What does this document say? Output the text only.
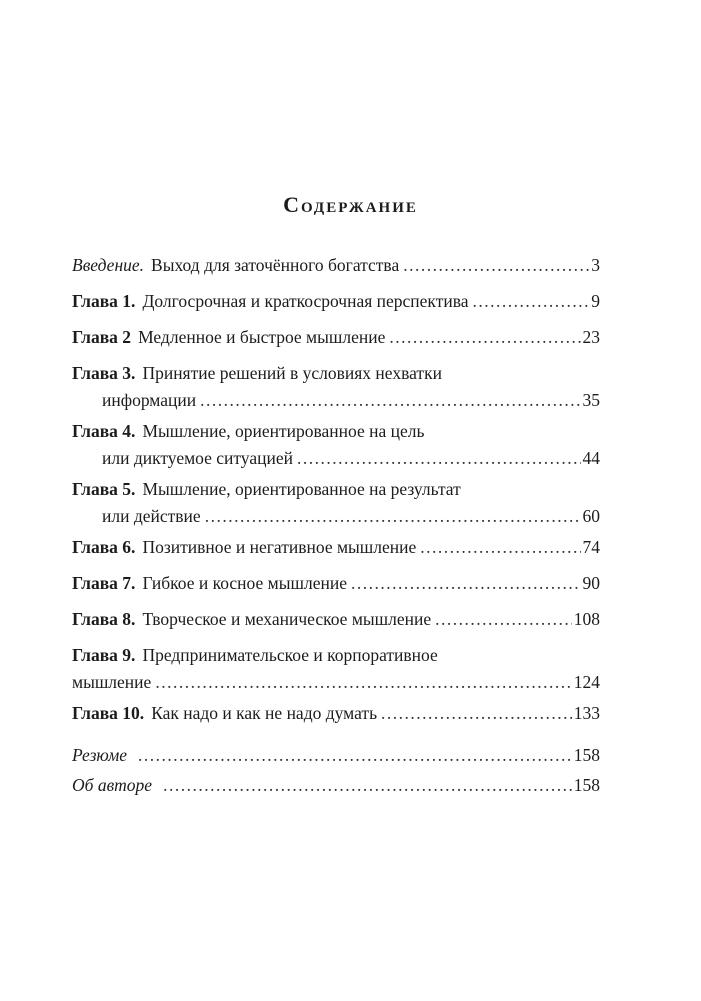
Содержание
Введение. Выход для заточённого богатства .....	3
Глава 1. Долгосрочная и краткосрочная перспектива .....	9
Глава 2 Медленное и быстрое мышление .....	23
Глава 3. Принятие решений в условиях нехватки
информации .....	35
Глава 4. Мышление, ориентированное на цель
или диктуемое ситуацией .....	44
Глава 5. Мышление, ориентированное на результат
или действие .....	60
Глава 6. Позитивное и негативное мышление .....	74
Глава 7. Гибкое и косное мышление .....	90
Глава 8. Творческое и механическое мышление .....	108
Глава 9. Предпринимательское и корпоративное
мышление .....	124
Глава 10. Как надо и как не надо думать .....	133
Резюме .....	158
Об авторе .....	158
